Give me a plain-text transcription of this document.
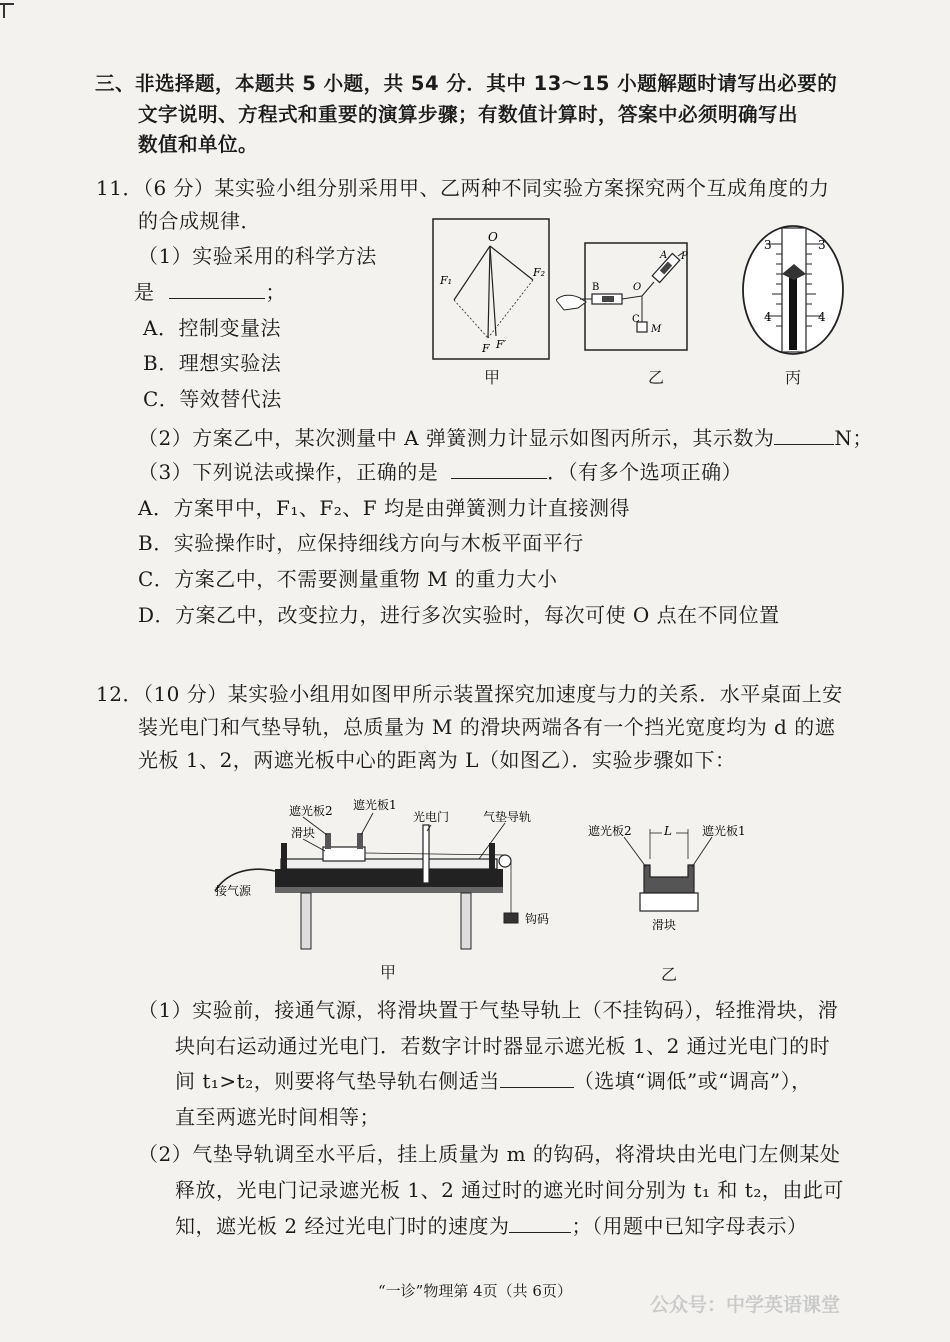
三、非选择题，本题共 5 小题，共 54 分．其中 13～15 小题解题时请写出必要的
文字说明、方程式和重要的演算步骤；有数值计算时，答案中必须明确写出
数值和单位。
11．（6 分）某实验小组分别采用甲、乙两种不同实验方案探究两个互成角度的力
的合成规律．
（1）实验采用的科学方法
是	；
A．控制变量法
B．理想实验法
C．等效替代法
O
F₁
F₂
F F′
甲
A P
B	O
C
M
乙
3	3
4	4
丙
（2）方案乙中，某次测量中 A 弹簧测力计显示如图丙所示，其示数为	N；
（3）下列说法或操作，正确的是	．（有多个选项正确）
A．方案甲中，F₁、F₂、F 均是由弹簧测力计直接测得
B．实验操作时，应保持细线方向与木板平面平行
C．方案乙中，不需要测量重物 M 的重力大小
D．方案乙中，改变拉力，进行多次实验时，每次可使 O 点在不同位置
12．（10 分）某实验小组用如图甲所示装置探究加速度与力的关系．水平桌面上安
装光电门和气垫导轨，总质量为 M 的滑块两端各有一个挡光宽度均为 d 的遮
光板 1、2，两遮光板中心的距离为 L（如图乙）．实验步骤如下：
遮光板2 遮光板1
滑块
光电门	气垫导轨
接气源
钩码
甲
遮光板2	L	遮光板1
滑块
乙
（1）实验前，接通气源，将滑块置于气垫导轨上（不挂钩码），轻推滑块，滑
块向右运动通过光电门．若数字计时器显示遮光板 1、2 通过光电门的时
间 t₁>t₂，则要将气垫导轨右侧适当	（选填“调低”或“调高”），
直至两遮光时间相等；
（2）气垫导轨调至水平后，挂上质量为 m 的钩码，将滑块由光电门左侧某处
释放，光电门记录遮光板 1、2 通过时的遮光时间分别为 t₁ 和 t₂，由此可
知，遮光板 2 经过光电门时的速度为	；（用题中已知字母表示）
“一诊”物理第 4页（共 6页）
公众号：中学英语课堂
